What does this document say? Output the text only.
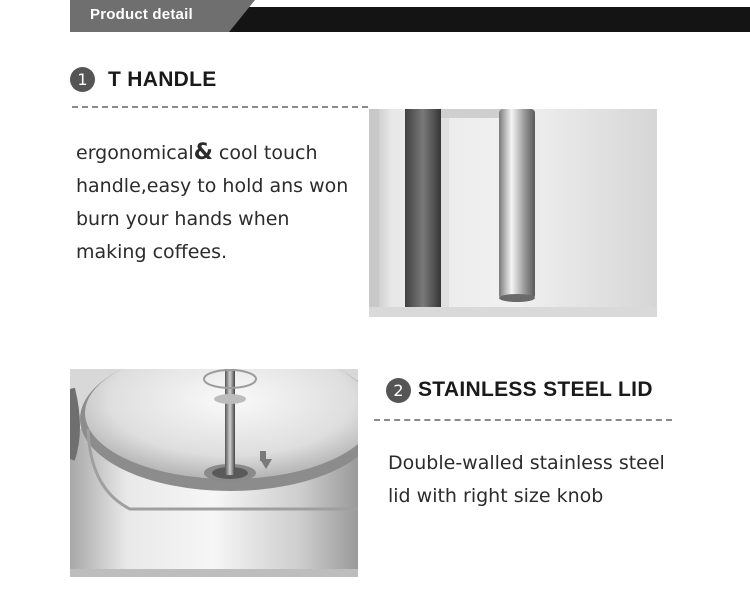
Product detail
1 T HANDLE
ergonomical& cool touch
handle,easy to hold ans won
burn your hands when
making coffees.
2 STAINLESS STEEL LID
Double-walled stainless steel
lid with right size knob
